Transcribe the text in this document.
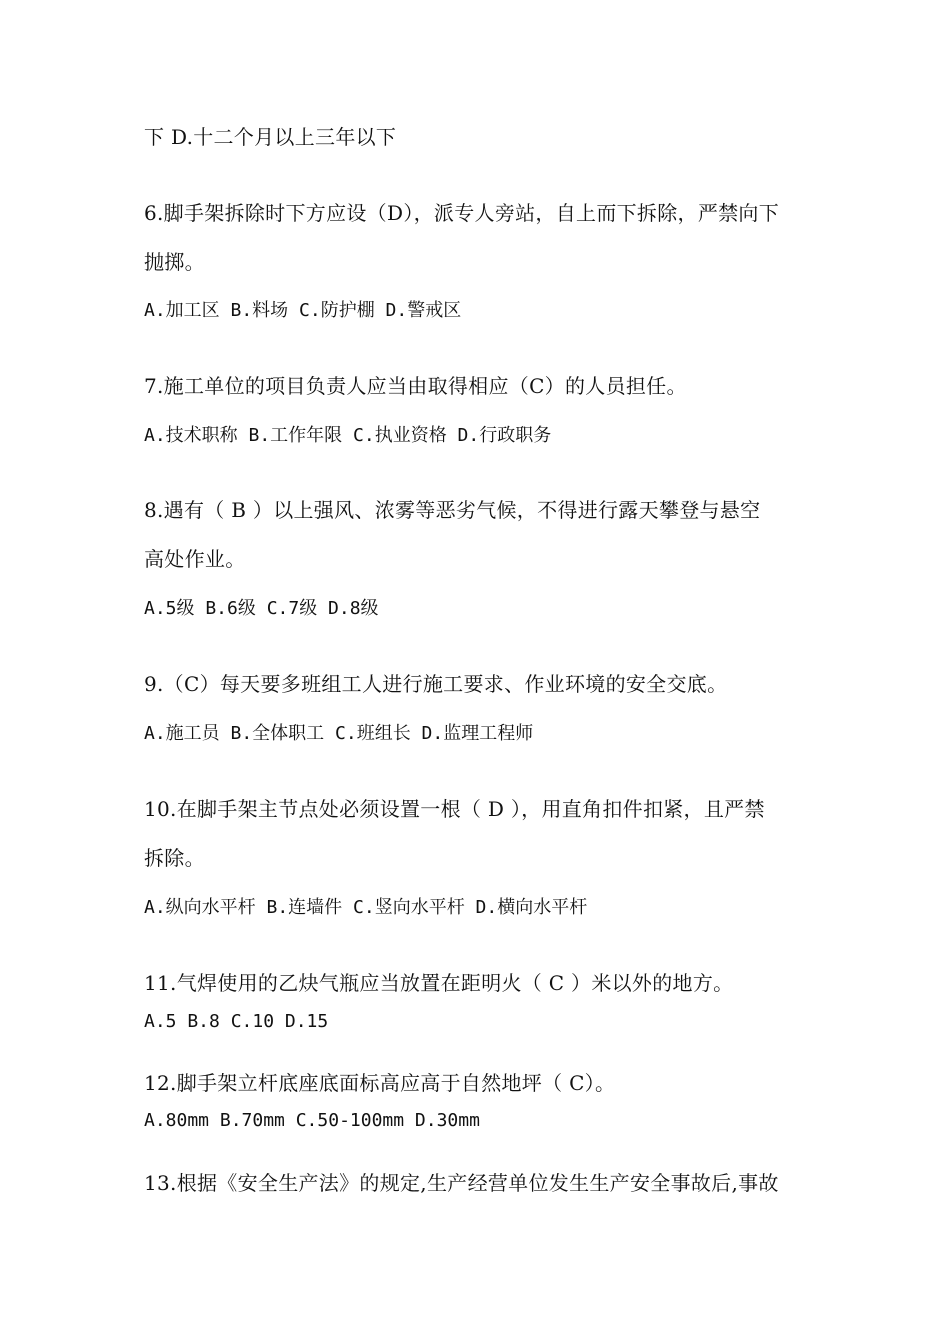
下 D.十二个月以上三年以下
6.脚手架拆除时下方应设（D），派专人旁站，自上而下拆除，严禁向下
抛掷。
A.加工区 B.料场 C.防护棚 D.警戒区
7.施工单位的项目负责人应当由取得相应（C）的人员担任。
A.技术职称 B.工作年限 C.执业资格 D.行政职务
8.遇有（ B ）以上强风、浓雾等恶劣气候，不得进行露天攀登与悬空
高处作业。
A.5级 B.6级 C.7级 D.8级
9.（C）每天要多班组工人进行施工要求、作业环境的安全交底。
A.施工员 B.全体职工 C.班组长 D.监理工程师
10.在脚手架主节点处必须设置一根（ D ），用直角扣件扣紧，且严禁
拆除。
A.纵向水平杆 B.连墙件 C.竖向水平杆 D.横向水平杆
11.气焊使用的乙炔气瓶应当放置在距明火（ C ）米以外的地方。
A.5 B.8 C.10 D.15
12.脚手架立杆底座底面标高应高于自然地坪（ C）。
A.80mm B.70mm C.50-100mm D.30mm
13.根据《安全生产法》的规定,生产经营单位发生生产安全事故后,事故
